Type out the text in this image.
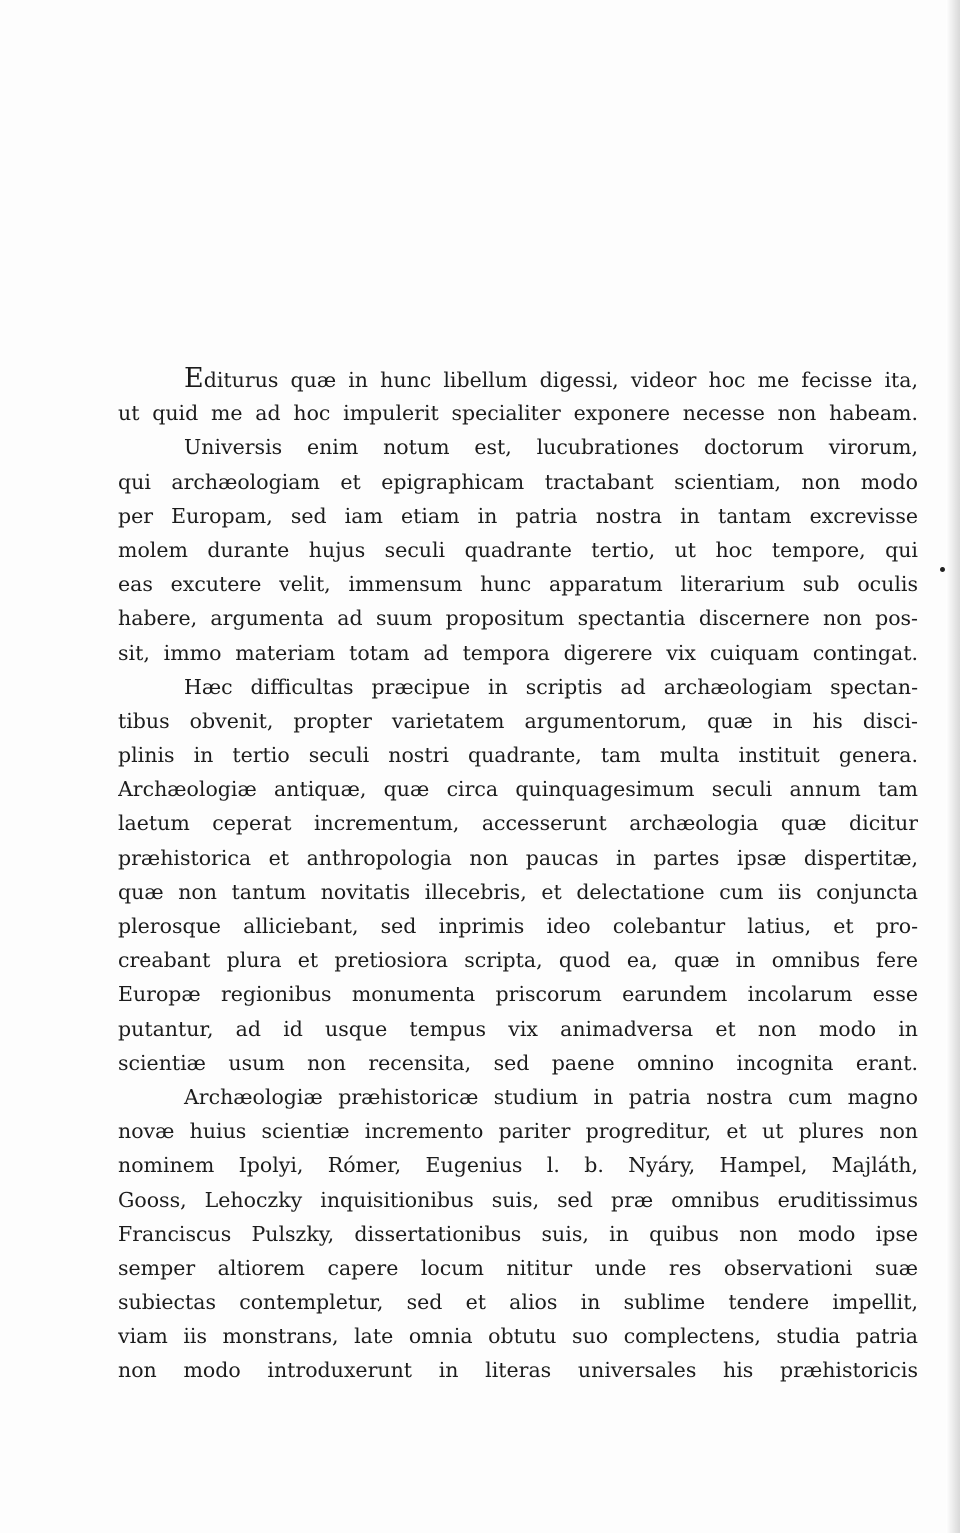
Editurus quæ in hunc libellum digessi, videor hoc me fecisse ita,
ut quid me ad hoc impulerit specialiter exponere necesse non habeam.
Universis enim notum est, lucubrationes doctorum virorum,
qui archæologiam et epigraphicam tractabant scientiam, non modo
per Europam, sed iam etiam in patria nostra in tantam excrevisse
molem durante hujus seculi quadrante tertio, ut hoc tempore, qui
eas excutere velit, immensum hunc apparatum literarium sub oculis
habere, argumenta ad suum propositum spectantia discernere non pos-
sit, immo materiam totam ad tempora digerere vix cuiquam contingat.
Hæc difficultas præcipue in scriptis ad archæologiam spectan-
tibus obvenit, propter varietatem argumentorum, quæ in his disci-
plinis in tertio seculi nostri quadrante, tam multa instituit genera.
Archæologiæ antiquæ, quæ circa quinquagesimum seculi annum tam
laetum ceperat incrementum, accesserunt archæologia quæ dicitur
præhistorica et anthropologia non paucas in partes ipsæ dispertitæ,
quæ non tantum novitatis illecebris, et delectatione cum iis conjuncta
plerosque alliciebant, sed inprimis ideo colebantur latius, et pro-
creabant plura et pretiosiora scripta, quod ea, quæ in omnibus fere
Europæ regionibus monumenta priscorum earundem incolarum esse
putantur, ad id usque tempus vix animadversa et non modo in
scientiæ usum non recensita, sed paene omnino incognita erant.
Archæologiæ præhistoricæ studium in patria nostra cum magno
novæ huius scientiæ incremento pariter progreditur, et ut plures non
nominem Ipolyi, Rómer, Eugenius l. b. Nyáry, Hampel, Majláth,
Gooss, Lehoczky inquisitionibus suis, sed præ omnibus eruditissimus
Franciscus Pulszky, dissertationibus suis, in quibus non modo ipse
semper altiorem capere locum nititur unde res observationi suæ
subiectas contempletur, sed et alios in sublime tendere impellit,
viam iis monstrans, late omnia obtutu suo complectens, studia patria
non modo introduxerunt in literas universales his præhistoricis
